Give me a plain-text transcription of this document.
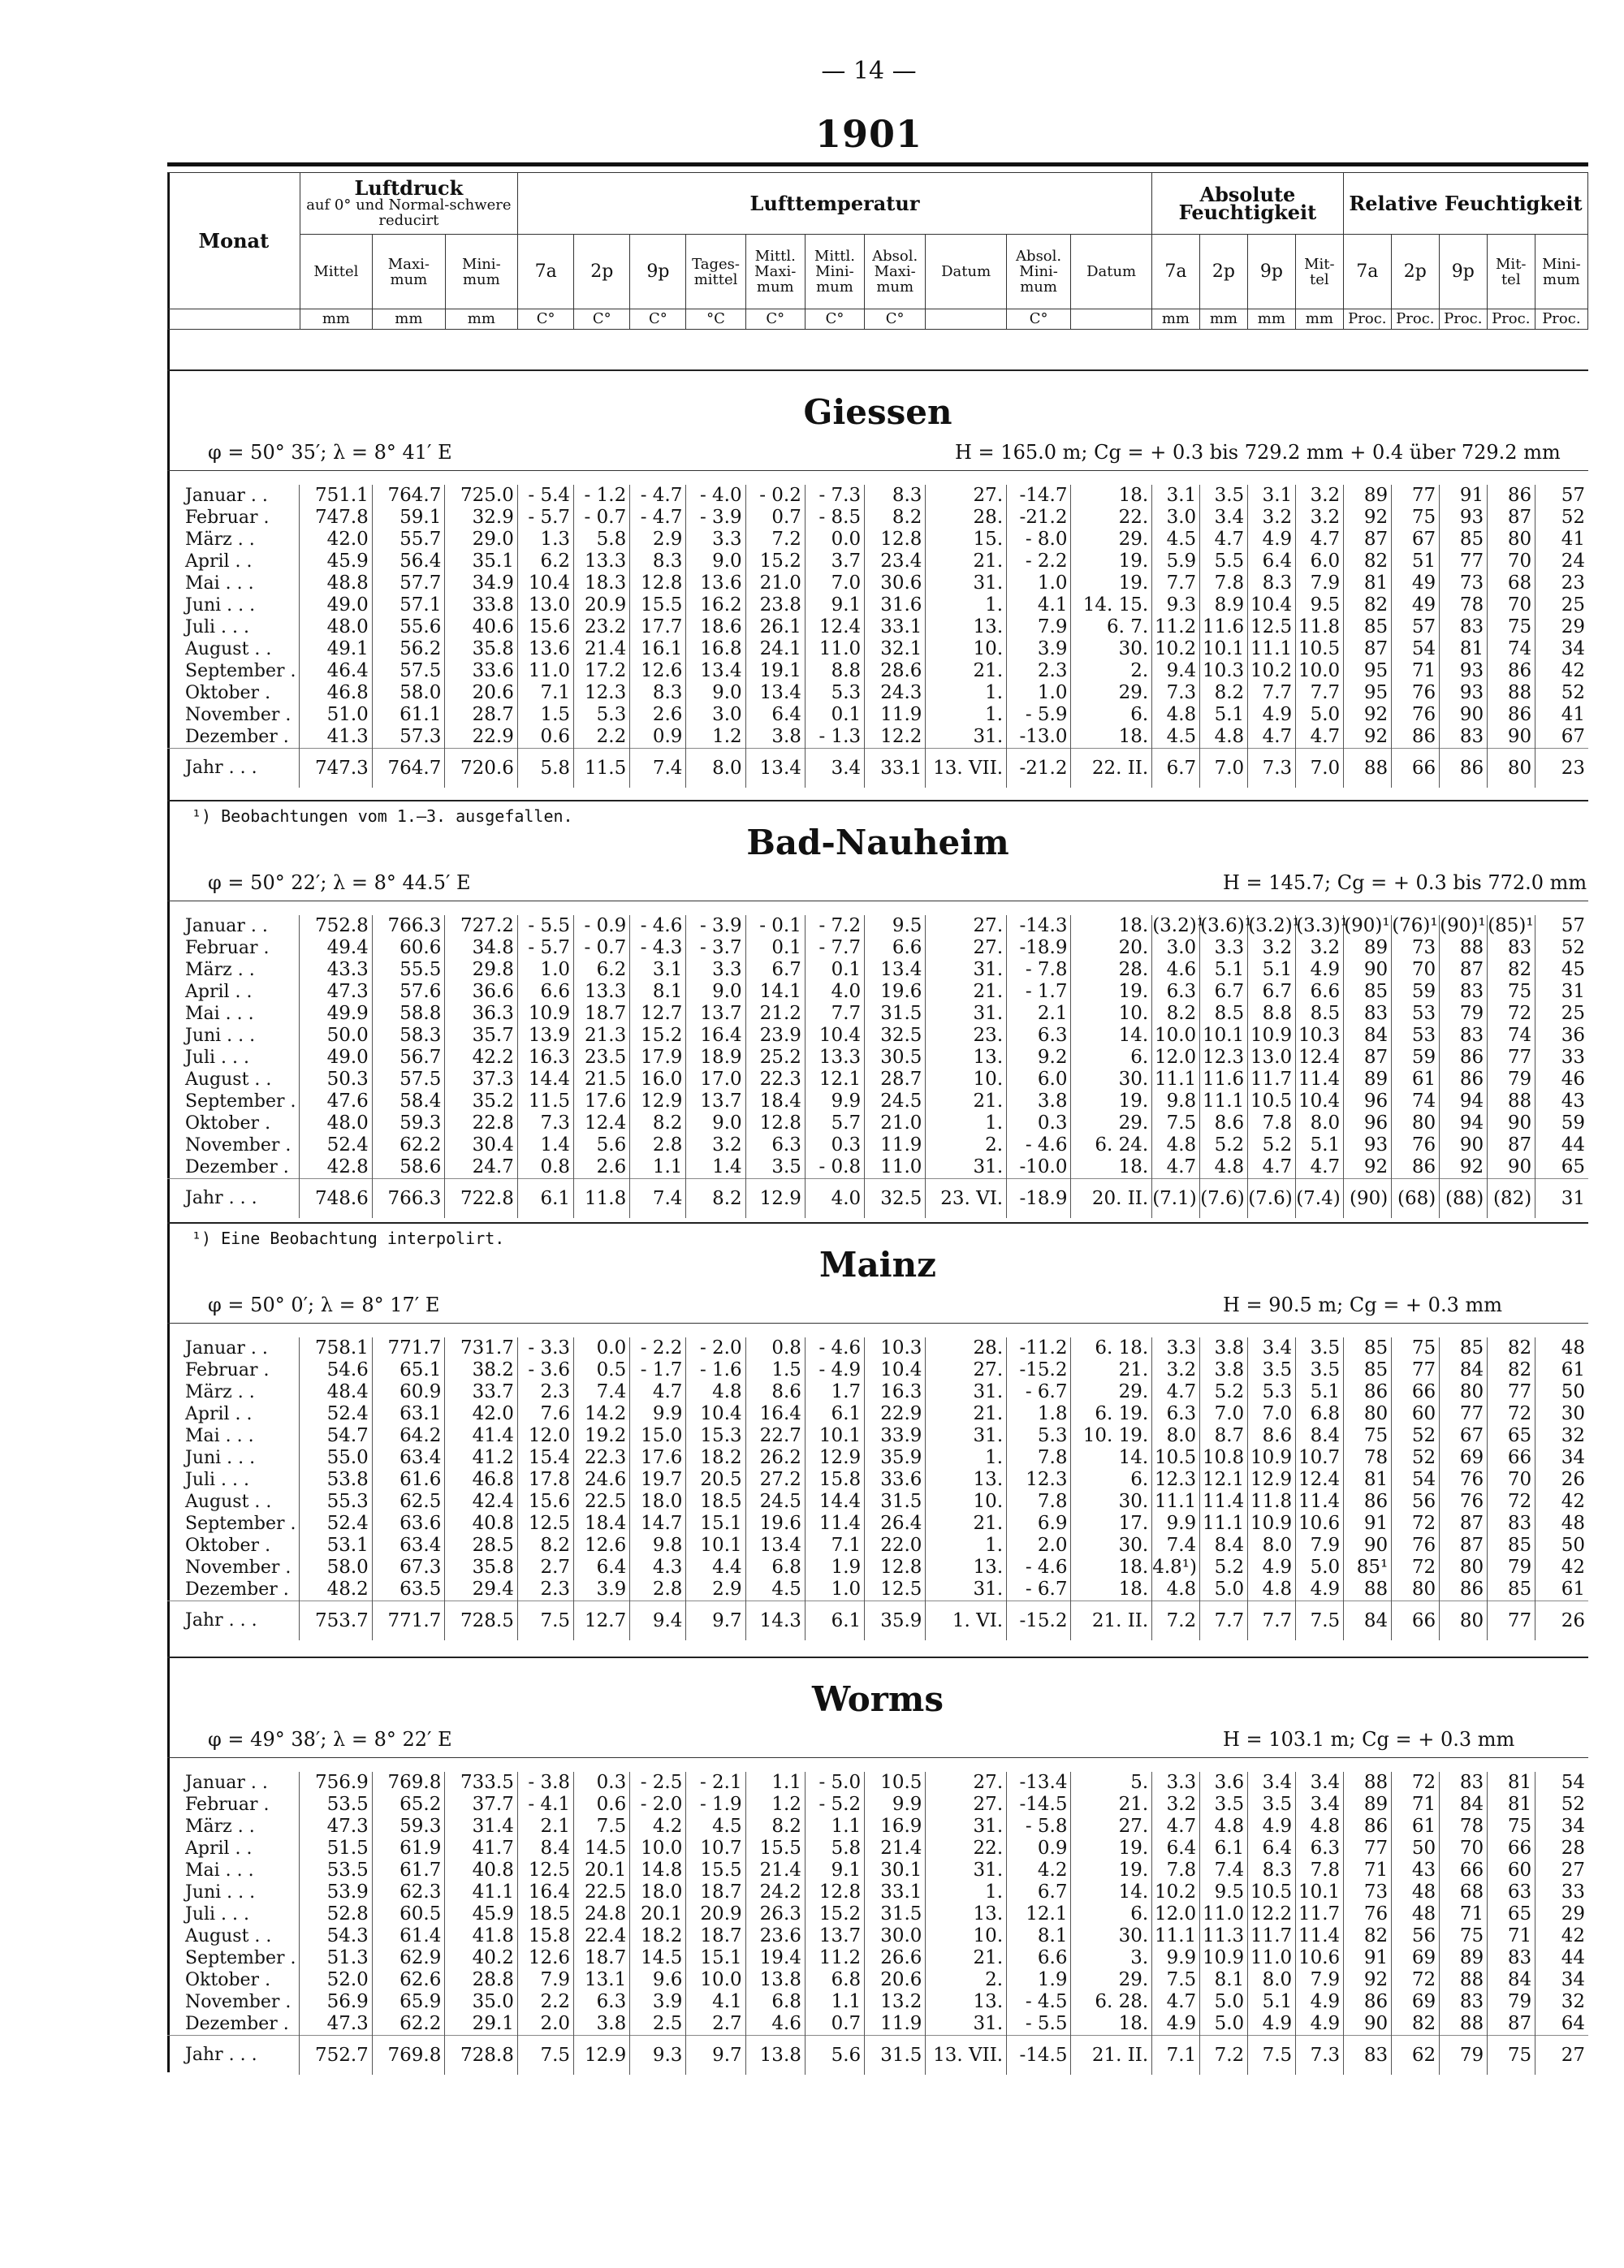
— 14 —
1901
Monat	Luftdruck
auf 0° und Normal-schwere reducirt			Lufttemperatur										Absolute Feuchtigkeit				Relative Feuchtigkeit				
	Mittel	Maxi-mum	Mini-mum	7a	2p	9p	Tages-mittel	Mittl. Maxi-mum	Mittl. Mini-mum	Absol. Maxi-mum	Datum	Absol. Mini-mum	Datum	7a	2p	9p	Mit-tel	7a	2p	9p	Mit-tel	Mini-mum
	mm	mm	mm	C°	C°	C°	°C	C°	C°	C°		C°		mm	mm	mm	mm	Proc.	Proc.	Proc.	Proc.	Proc.
Giessen
φ = 50° 35′; λ = 8° 41′ E	H = 165.0 m; Cg = + 0.3 bis 729.2 mm + 0.4 über 729.2 mm
Januar . .	751.1	764.7	725.0	- 5.4	- 1.2	- 4.7	- 4.0	- 0.2	- 7.3	8.3	27.	-14.7	18.	3.1	3.5	3.1	3.2	89	77	91	86	57
Februar .	747.8	59.1	32.9	- 5.7	- 0.7	- 4.7	- 3.9	0.7	- 8.5	8.2	28.	-21.2	22.	3.0	3.4	3.2	3.2	92	75	93	87	52
März . .	42.0	55.7	29.0	1.3	5.8	2.9	3.3	7.2	0.0	12.8	15.	- 8.0	29.	4.5	4.7	4.9	4.7	87	67	85	80	41
April . .	45.9	56.4	35.1	6.2	13.3	8.3	9.0	15.2	3.7	23.4	21.	- 2.2	19.	5.9	5.5	6.4	6.0	82	51	77	70	24
Mai . . .	48.8	57.7	34.9	10.4	18.3	12.8	13.6	21.0	7.0	30.6	31.	1.0	19.	7.7	7.8	8.3	7.9	81	49	73	68	23
Juni . . .	49.0	57.1	33.8	13.0	20.9	15.5	16.2	23.8	9.1	31.6	1.	4.1	14. 15.	9.3	8.9	10.4	9.5	82	49	78	70	25
Juli . . .	48.0	55.6	40.6	15.6	23.2	17.7	18.6	26.1	12.4	33.1	13.	7.9	6. 7.	11.2	11.6	12.5	11.8	85	57	83	75	29
August . .	49.1	56.2	35.8	13.6	21.4	16.1	16.8	24.1	11.0	32.1	10.	3.9	30.	10.2	10.1	11.1	10.5	87	54	81	74	34
September .	46.4	57.5	33.6	11.0	17.2	12.6	13.4	19.1	8.8	28.6	21.	2.3	2.	9.4	10.3	10.2	10.0	95	71	93	86	42
Oktober .	46.8	58.0	20.6	7.1	12.3	8.3	9.0	13.4	5.3	24.3	1.	1.0	29.	7.3	8.2	7.7	7.7	95	76	93	88	52
November .	51.0	61.1	28.7	1.5	5.3	2.6	3.0	6.4	0.1	11.9	1.	- 5.9	6.	4.8	5.1	4.9	5.0	92	76	90	86	41
Dezember .	41.3	57.3	22.9	0.6	2.2	0.9	1.2	3.8	- 1.3	12.2	31.	-13.0	18.	4.5	4.8	4.7	4.7	92	86	83	90	67
Jahr . . .	747.3	764.7	720.6	5.8	11.5	7.4	8.0	13.4	3.4	33.1	13. VII.	-21.2	22. II.	6.7	7.0	7.3	7.0	88	66	86	80	23
¹) Beobachtungen vom 1.—3. ausgefallen.
Bad-Nauheim
φ = 50° 22′; λ = 8° 44.5′ E	H = 145.7; Cg = + 0.3 bis 772.0 mm
Januar . .	752.8	766.3	727.2	- 5.5	- 0.9	- 4.6	- 3.9	- 0.1	- 7.2	9.5	27.	-14.3	18.	(3.2)¹	(3.6)¹	(3.2)¹	(3.3)¹	(90)¹	(76)¹	(90)¹	(85)¹	57
Februar .	49.4	60.6	34.8	- 5.7	- 0.7	- 4.3	- 3.7	0.1	- 7.7	6.6	27.	-18.9	20.	3.0	3.3	3.2	3.2	89	73	88	83	52
März . .	43.3	55.5	29.8	1.0	6.2	3.1	3.3	6.7	0.1	13.4	31.	- 7.8	28.	4.6	5.1	5.1	4.9	90	70	87	82	45
April . .	47.3	57.6	36.6	6.6	13.3	8.1	9.0	14.1	4.0	19.6	21.	- 1.7	19.	6.3	6.7	6.7	6.6	85	59	83	75	31
Mai . . .	49.9	58.8	36.3	10.9	18.7	12.7	13.7	21.2	7.7	31.5	31.	2.1	10.	8.2	8.5	8.8	8.5	83	53	79	72	25
Juni . . .	50.0	58.3	35.7	13.9	21.3	15.2	16.4	23.9	10.4	32.5	23.	6.3	14.	10.0	10.1	10.9	10.3	84	53	83	74	36
Juli . . .	49.0	56.7	42.2	16.3	23.5	17.9	18.9	25.2	13.3	30.5	13.	9.2	6.	12.0	12.3	13.0	12.4	87	59	86	77	33
August . .	50.3	57.5	37.3	14.4	21.5	16.0	17.0	22.3	12.1	28.7	10.	6.0	30.	11.1	11.6	11.7	11.4	89	61	86	79	46
September .	47.6	58.4	35.2	11.5	17.6	12.9	13.7	18.4	9.9	24.5	21.	3.8	19.	9.8	11.1	10.5	10.4	96	74	94	88	43
Oktober .	48.0	59.3	22.8	7.3	12.4	8.2	9.0	12.8	5.7	21.0	1.	0.3	29.	7.5	8.6	7.8	8.0	96	80	94	90	59
November .	52.4	62.2	30.4	1.4	5.6	2.8	3.2	6.3	0.3	11.9	2.	- 4.6	6. 24.	4.8	5.2	5.2	5.1	93	76	90	87	44
Dezember .	42.8	58.6	24.7	0.8	2.6	1.1	1.4	3.5	- 0.8	11.0	31.	-10.0	18.	4.7	4.8	4.7	4.7	92	86	92	90	65
Jahr . . .	748.6	766.3	722.8	6.1	11.8	7.4	8.2	12.9	4.0	32.5	23. VI.	-18.9	20. II.	(7.1)	(7.6)	(7.6)	(7.4)	(90)	(68)	(88)	(82)	31
¹) Eine Beobachtung interpolirt.
Mainz
φ = 50° 0′; λ = 8° 17′ E	H = 90.5 m; Cg = + 0.3 mm
Januar . .	758.1	771.7	731.7	- 3.3	0.0	- 2.2	- 2.0	0.8	- 4.6	10.3	28.	-11.2	6. 18.	3.3	3.8	3.4	3.5	85	75	85	82	48
Februar .	54.6	65.1	38.2	- 3.6	0.5	- 1.7	- 1.6	1.5	- 4.9	10.4	27.	-15.2	21.	3.2	3.8	3.5	3.5	85	77	84	82	61
März . .	48.4	60.9	33.7	2.3	7.4	4.7	4.8	8.6	1.7	16.3	31.	- 6.7	29.	4.7	5.2	5.3	5.1	86	66	80	77	50
April . .	52.4	63.1	42.0	7.6	14.2	9.9	10.4	16.4	6.1	22.9	21.	1.8	6. 19.	6.3	7.0	7.0	6.8	80	60	77	72	30
Mai . . .	54.7	64.2	41.4	12.0	19.2	15.0	15.3	22.7	10.1	33.9	31.	5.3	10. 19.	8.0	8.7	8.6	8.4	75	52	67	65	32
Juni . . .	55.0	63.4	41.2	15.4	22.3	17.6	18.2	26.2	12.9	35.9	1.	7.8	14.	10.5	10.8	10.9	10.7	78	52	69	66	34
Juli . . .	53.8	61.6	46.8	17.8	24.6	19.7	20.5	27.2	15.8	33.6	13.	12.3	6.	12.3	12.1	12.9	12.4	81	54	76	70	26
August . .	55.3	62.5	42.4	15.6	22.5	18.0	18.5	24.5	14.4	31.5	10.	7.8	30.	11.1	11.4	11.8	11.4	86	56	76	72	42
September .	52.4	63.6	40.8	12.5	18.4	14.7	15.1	19.6	11.4	26.4	21.	6.9	17.	9.9	11.1	10.9	10.6	91	72	87	83	48
Oktober .	53.1	63.4	28.5	8.2	12.6	9.8	10.1	13.4	7.1	22.0	1.	2.0	30.	7.4	8.4	8.0	7.9	90	76	87	85	50
November .	58.0	67.3	35.8	2.7	6.4	4.3	4.4	6.8	1.9	12.8	13.	- 4.6	18.	4.8¹)	5.2	4.9	5.0	85¹	72	80	79	42
Dezember .	48.2	63.5	29.4	2.3	3.9	2.8	2.9	4.5	1.0	12.5	31.	- 6.7	18.	4.8	5.0	4.8	4.9	88	80	86	85	61
Jahr . . .	753.7	771.7	728.5	7.5	12.7	9.4	9.7	14.3	6.1	35.9	1. VI.	-15.2	21. II.	7.2	7.7	7.7	7.5	84	66	80	77	26
Worms
φ = 49° 38′; λ = 8° 22′ E	H = 103.1 m; Cg = + 0.3 mm
Januar . .	756.9	769.8	733.5	- 3.8	0.3	- 2.5	- 2.1	1.1	- 5.0	10.5	27.	-13.4	5.	3.3	3.6	3.4	3.4	88	72	83	81	54
Februar .	53.5	65.2	37.7	- 4.1	0.6	- 2.0	- 1.9	1.2	- 5.2	9.9	27.	-14.5	21.	3.2	3.5	3.5	3.4	89	71	84	81	52
März . .	47.3	59.3	31.4	2.1	7.5	4.2	4.5	8.2	1.1	16.9	31.	- 5.8	27.	4.7	4.8	4.9	4.8	86	61	78	75	34
April . .	51.5	61.9	41.7	8.4	14.5	10.0	10.7	15.5	5.8	21.4	22.	0.9	19.	6.4	6.1	6.4	6.3	77	50	70	66	28
Mai . . .	53.5	61.7	40.8	12.5	20.1	14.8	15.5	21.4	9.1	30.1	31.	4.2	19.	7.8	7.4	8.3	7.8	71	43	66	60	27
Juni . . .	53.9	62.3	41.1	16.4	22.5	18.0	18.7	24.2	12.8	33.1	1.	6.7	14.	10.2	9.5	10.5	10.1	73	48	68	63	33
Juli . . .	52.8	60.5	45.9	18.5	24.8	20.1	20.9	26.3	15.2	31.5	13.	12.1	6.	12.0	11.0	12.2	11.7	76	48	71	65	29
August . .	54.3	61.4	41.8	15.8	22.4	18.2	18.7	23.6	13.7	30.0	10.	8.1	30.	11.1	11.3	11.7	11.4	82	56	75	71	42
September .	51.3	62.9	40.2	12.6	18.7	14.5	15.1	19.4	11.2	26.6	21.	6.6	3.	9.9	10.9	11.0	10.6	91	69	89	83	44
Oktober .	52.0	62.6	28.8	7.9	13.1	9.6	10.0	13.8	6.8	20.6	2.	1.9	29.	7.5	8.1	8.0	7.9	92	72	88	84	34
November .	56.9	65.9	35.0	2.2	6.3	3.9	4.1	6.8	1.1	13.2	13.	- 4.5	6. 28.	4.7	5.0	5.1	4.9	86	69	83	79	32
Dezember .	47.3	62.2	29.1	2.0	3.8	2.5	2.7	4.6	0.7	11.9	31.	- 5.5	18.	4.9	5.0	4.9	4.9	90	82	88	87	64
Jahr . . .	752.7	769.8	728.8	7.5	12.9	9.3	9.7	13.8	5.6	31.5	13. VII.	-14.5	21. II.	7.1	7.2	7.5	7.3	83	62	79	75	27
